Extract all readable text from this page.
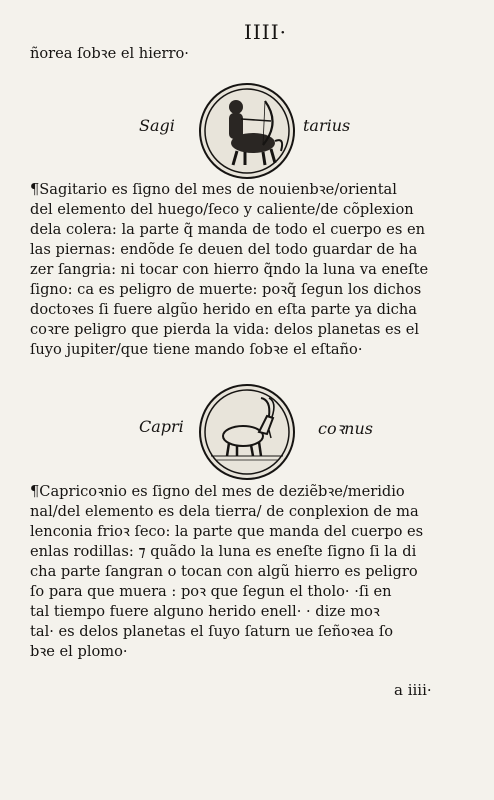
IIII·
ñorea ſobꝛe el hierro·
Sagi	tarius
¶Sagitario es ſigno del mes de nouienbꝛe/oriental
del elemento del huego/ſeco y caliente/de cõplexion
dela colera: la parte q̃ manda de todo el cuerpo es en
las piernas: endõde ſe deuen del todo guardar de ha
zer ſangria: ni tocar con hierro q̃ndo la luna va eneſte
ſigno: ca es peligro de muerte: poꝛq̃ ſegun los dichos
doctoꝛes ſi fuere algũo herido en eſta parte ya dicha
coꝛre peligro que pierda la vida: delos planetas es el
ſuyo jupiter/que tiene mando ſobꝛe el eſtaño·
Capri	coꝛnus
¶Capricoꝛnio es ſigno del mes de deziẽbꝛe/meridio
nal/del elemento es dela tierra/ de conplexion de ma
lenconia frioꝛ ſeco: la parte que manda del cuerpo es
enlas rodillas: ⁊ quãdo la luna es eneſte ſigno ſi la di
cha parte ſangran o tocan con algũ hierro es peligro
ſo para que muera : poꝛ que ſegun el tholo· ·ſi en
tal tiempo fuere alguno herido enell· · dize moꝛ
tal· es delos planetas el ſuyo ſaturn ue ſeñoꝛea ſo
bꝛe el plomo·
a iiii·
